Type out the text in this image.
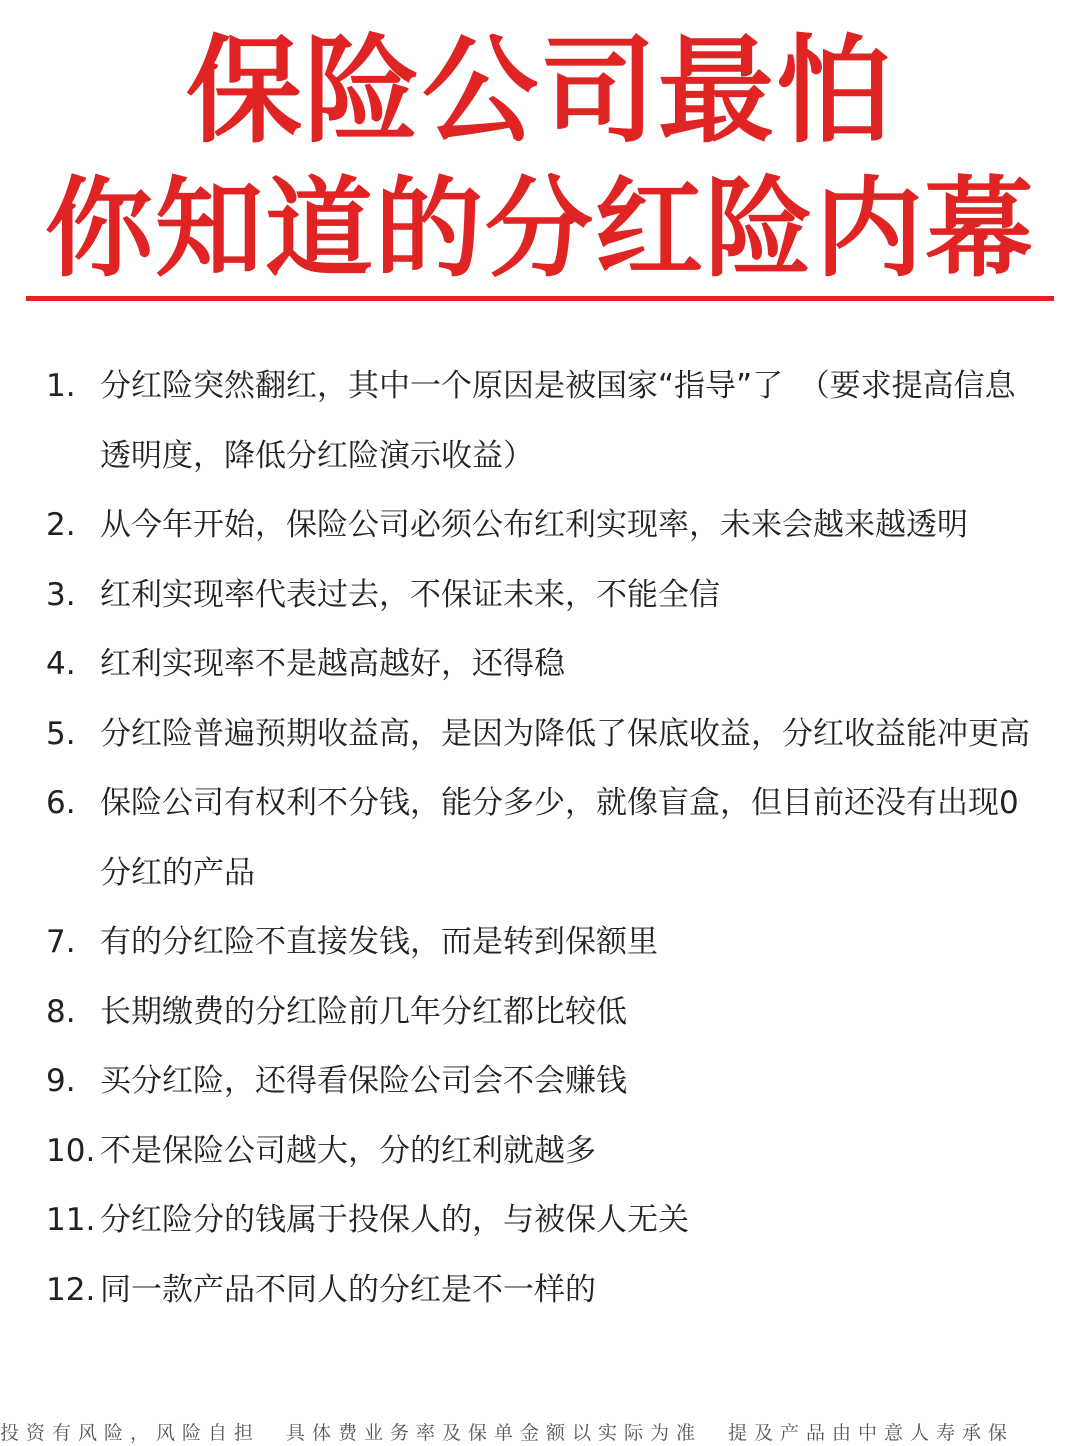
保险公司最怕
你知道的分红险内幕
1. 分红险突然翻红，其中一个原因是被国家“指导”了　（要求提高信息透明度，降低分红险演示收益）
2. 从今年开始，保险公司必须公布红利实现率，未来会越来越透明
3. 红利实现率代表过去，不保证未来，不能全信
4. 红利实现率不是越高越好，还得稳
5. 分红险普遍预期收益高，是因为降低了保底收益，分红收益能冲更高
6. 保险公司有权利不分钱，能分多少，就像盲盒，但目前还没有出现0分红的产品
7. 有的分红险不直接发钱，而是转到保额里
8. 长期缴费的分红险前几年分红都比较低
9. 买分红险，还得看保险公司会不会赚钱
10. 不是保险公司越大，分的红利就越多
11. 分红险分的钱属于投保人的，与被保人无关
12. 同一款产品不同人的分红是不一样的
投资有风险，风险自担　具体费业务率及保单金额以实际为准　提及产品由中意人寿承保
